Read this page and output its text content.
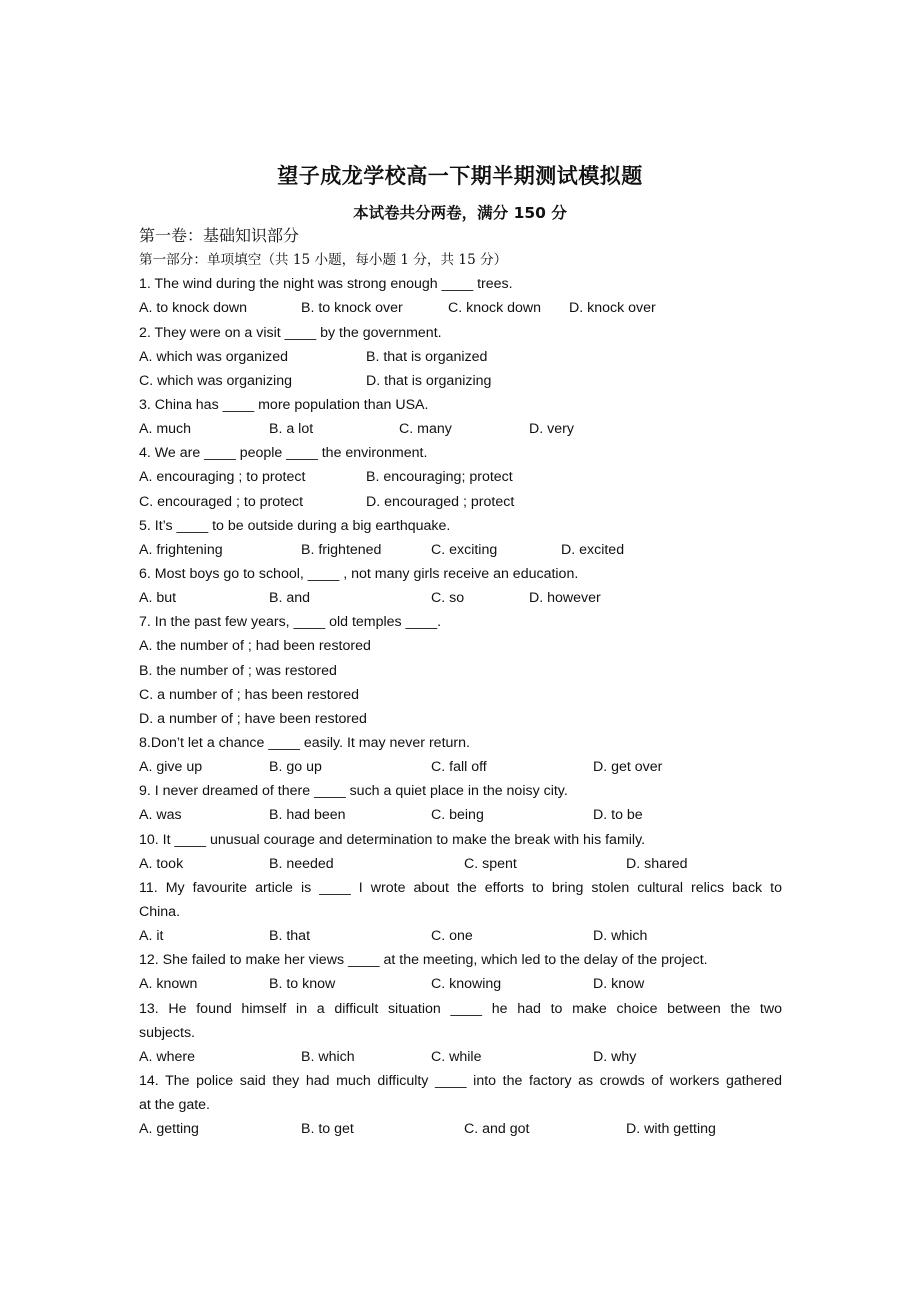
望子成龙学校高一下期半期测试模拟题
本试卷共分两卷，满分 150 分
第一卷：基础知识部分
第一部分：单项填空（共 15 小题，每小题 1 分，共 15 分）
1. The wind during the night was strong enough ____ trees.
A. to knock down	B. to knock over	C. knock down D. knock over
2. They were on a visit ____ by the government.
A. which was organized	B. that is organized
C. which was organizing	D. that is organizing
3. China has ____ more population than USA.
A. much	B. a lot	C. many	D. very
4. We are ____ people ____ the environment.
A. encouraging ; to protect	B. encouraging; protect
C. encouraged ; to protect	D. encouraged ; protect
5. It’s ____ to be outside during a big earthquake.
A. frightening	B. frightened	C. exciting	D. excited
6. Most boys go to school, ____ , not many girls receive an education.
A. but	B. and	C. so	D. however
7. In the past few years, ____ old temples ____.
A. the number of ; had been restored
B. the number of ; was restored
C. a number of ; has been restored
D. a number of ; have been restored
8.Don’t let a chance ____ easily. It may never return.
A. give up	B. go up	C. fall off	D. get over
9. I never dreamed of there ____ such a quiet place in the noisy city.
A. was	B. had been	C. being	D. to be
10. It ____ unusual courage and determination to make the break with his family.
A. took	B. needed	C. spent	D. shared
11. My favourite article is ____ I wrote about the efforts to bring stolen cultural relics back to
China.
A. it	B. that	C. one	D. which
12. She failed to make her views ____ at the meeting, which led to the delay of the project.
A. known	B. to know	C. knowing	D. know
13. He found himself in a difficult situation ____ he had to make choice between the two
subjects.
A. where	B. which	C. while	D. why
14. The police said they had much difficulty ____ into the factory as crowds of workers gathered
at the gate.
A. getting	B. to get	C. and got	D. with getting
